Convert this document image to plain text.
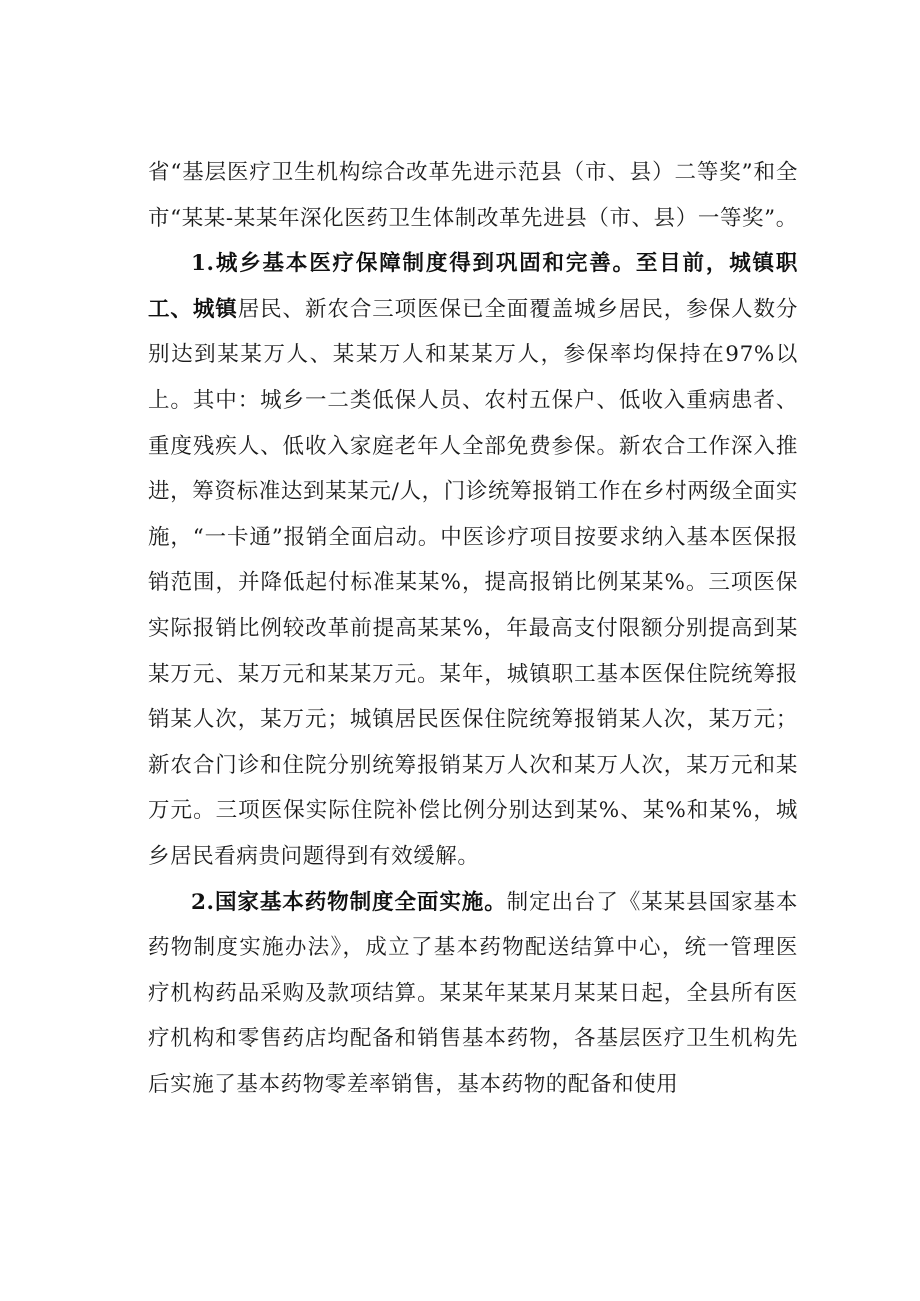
省“基层医疗卫生机构综合改革先进示范县（市、县）二等奖”和全市“某某-某某年深化医药卫生体制改革先进县（市、县）一等奖”。

1.城乡基本医疗保障制度得到巩固和完善。至目前，城镇职工、城镇居民、新农合三项医保已全面覆盖城乡居民，参保人数分别达到某某万人、某某万人和某某万人，参保率均保持在97%以上。其中：城乡一二类低保人员、农村五保户、低收入重病患者、重度残疾人、低收入家庭老年人全部免费参保。新农合工作深入推进，筹资标准达到某某元/人，门诊统筹报销工作在乡村两级全面实施，“一卡通”报销全面启动。中医诊疗项目按要求纳入基本医保报销范围，并降低起付标准某某%，提高报销比例某某%。三项医保实际报销比例较改革前提高某某%，年最高支付限额分别提高到某某万元、某万元和某某万元。某年，城镇职工基本医保住院统筹报销某人次，某万元；城镇居民医保住院统筹报销某人次，某万元；新农合门诊和住院分别统筹报销某万人次和某万人次，某万元和某万元。三项医保实际住院补偿比例分别达到某%、某%和某%，城乡居民看病贵问题得到有效缓解。

2.国家基本药物制度全面实施。制定出台了《某某县国家基本药物制度实施办法》，成立了基本药物配送结算中心，统一管理医疗机构药品采购及款项结算。某某年某某月某某日起，全县所有医疗机构和零售药店均配备和销售基本药物，各基层医疗卫生机构先后实施了基本药物零差率销售，基本药物的配备和使用
